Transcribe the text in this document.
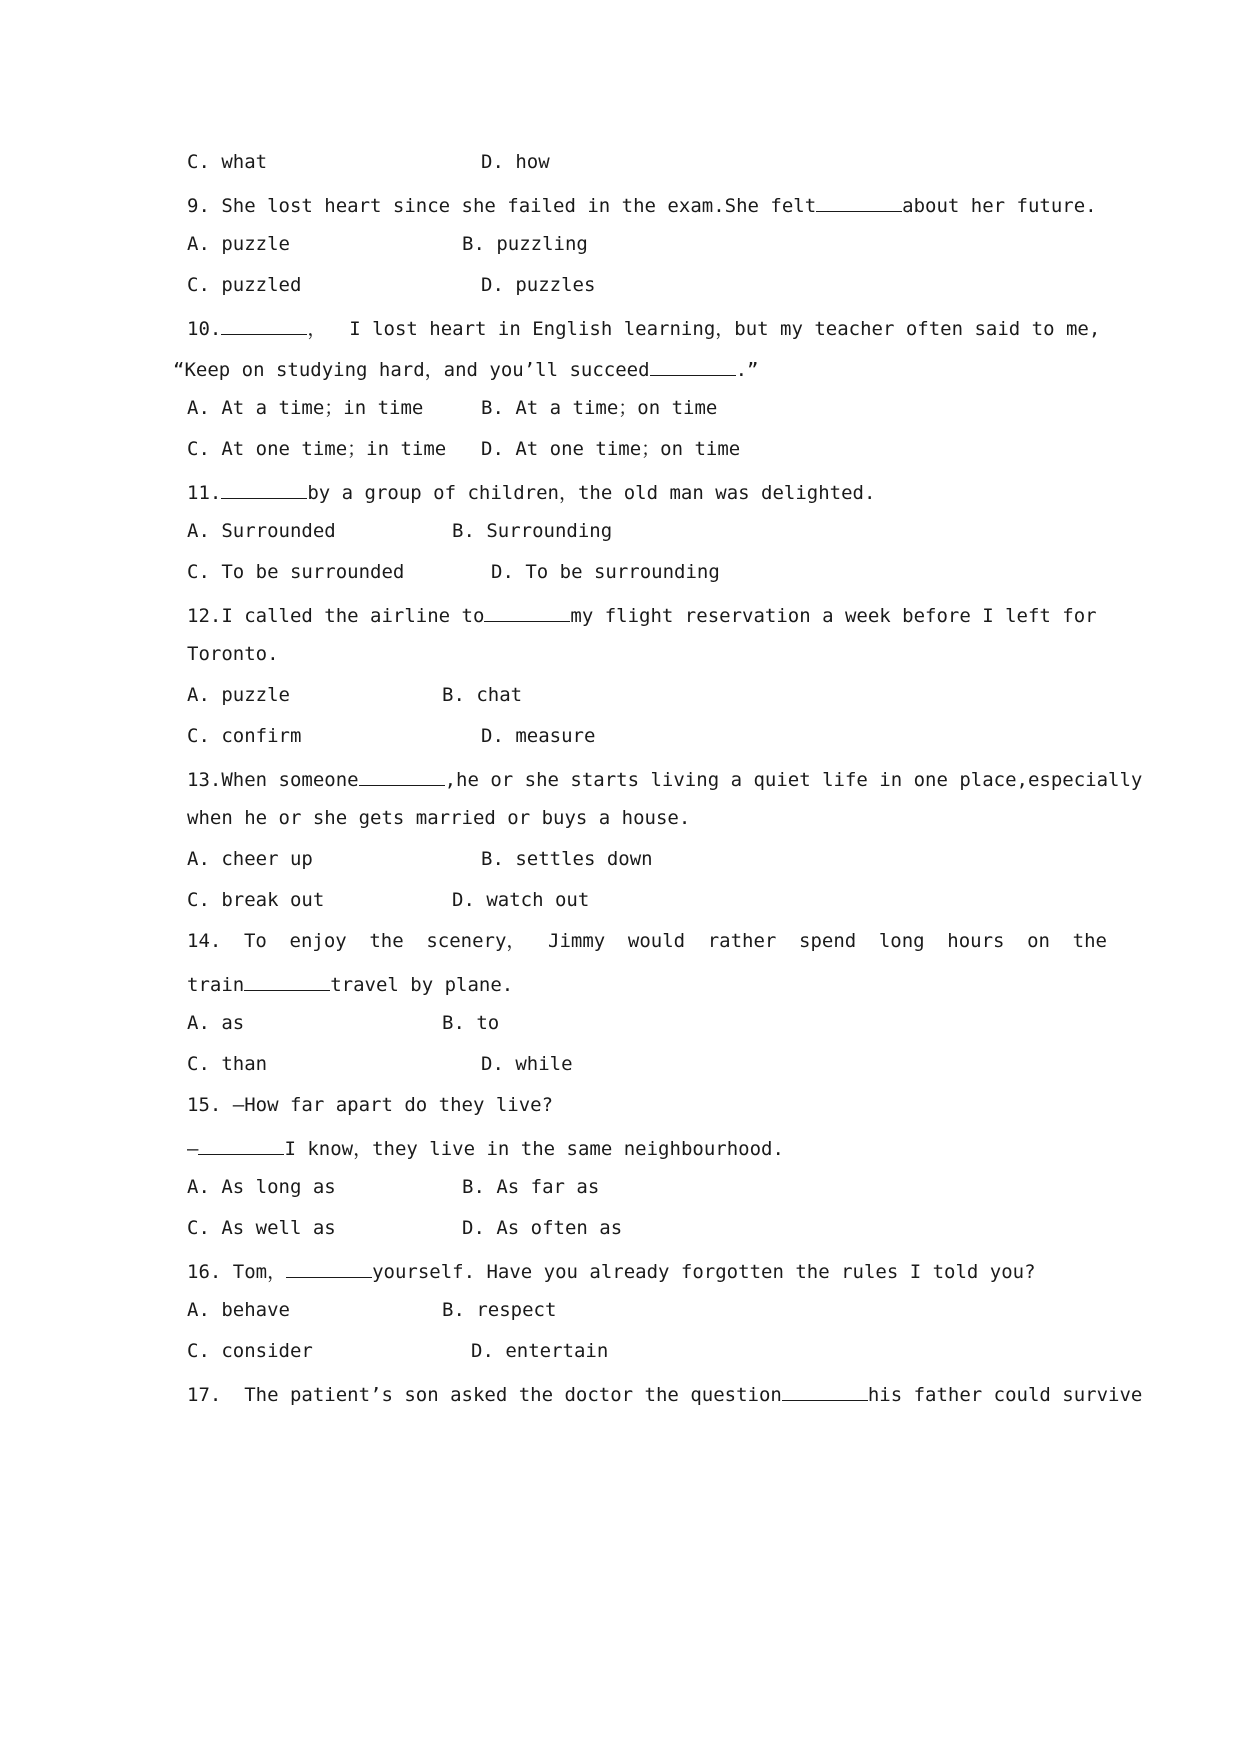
C. what	D. how
9. She lost heart since she failed in the exam.She felt	about her future.
A. puzzle	B. puzzling
C. puzzled	D. puzzles
10.	，  I lost heart in English learning，but my teacher often said to me,
“Keep on studying hard，and you’ll succeed	.”
A. At a time；in time	B. At a time；on time
C. At one time；in time D. At one time；on time
11.	by a group of children，the old man was delighted.
A. Surrounded	B. Surrounding
C. To be surrounded	D. To be surrounding
12.I called the airline to	my flight reservation a week before I left for
Toronto.
A. puzzle	B. chat
C. confirm	D. measure
13.When someone	,he or she starts living a quiet life in one place,especially
when he or she gets married or buys a house.
A. cheer up	B. settles down
C. break out	D. watch out
14. To enjoy the scenery， Jimmy would rather spend long hours on the
train	travel by plane.
A. as	B. to
C. than	D. while
15. —How far apart do they live?
—	I know，they live in the same neighbourhood.
A. As long as	B. As far as
C. As well as	D. As often as
16. Tom，	yourself. Have you already forgotten the rules I told you?
A. behave	B. respect
C. consider	D. entertain
17.  The patient’s son asked the doctor the question	his father could survive
